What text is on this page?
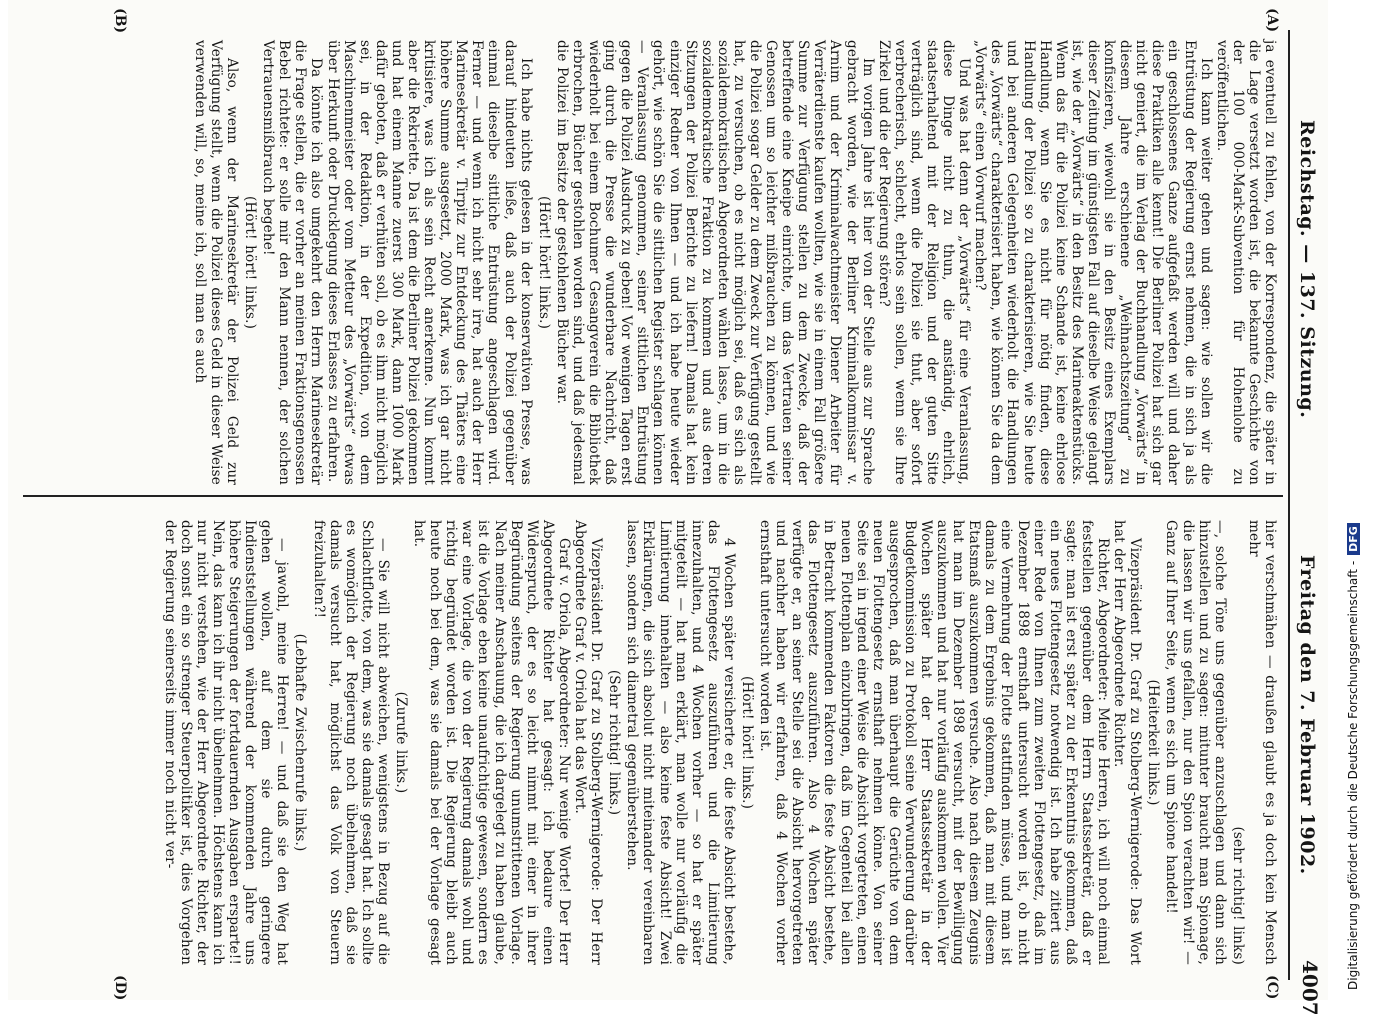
Reichstag. — 137. Sitzung.
Freitag den 7. Februar 1902.
4007
(A)
(B)
(C)
(D)

ja eventuell zu fehlen, von der Korrespondenz, die später in die Lage versetzt worden ist, die bekannte Geschichte von der 100 000-Mark-Subvention für Hohenlohe zu veröffentlichen.

Ich kann weiter gehen und sagen: wie sollen wir die Entrüstung der Regierung ernst nehmen, die in sich ja als ein geschlossenes Ganze aufgefaßt werden will und daher diese Praktiken alle kennt! Die Berliner Polizei hat sich gar nicht geniert, die im Verlag der Buchhandlung „Vorwärts“ in diesem Jahre erschienene „Weihnachtszeitung“ zu konfiszieren, wiewohl sie in den Besitz eines Exemplars dieser Zeitung im günstigsten Fall auf dieselbe Weise gelangt ist, wie der „Vorwärts“ in den Besitz des Marineaktenstücks. Wenn das für die Polizei keine Schande ist, keine ehrlose Handlung, wenn Sie es nicht für nötig finden, diese Handlung der Polizei so zu charakterisieren, wie Sie heute und bei anderen Gelegenheiten wiederholt die Handlungen des „Vorwärts“ charakterisiert haben, wie können Sie da dem „Vorwärts“ einen Vorwurf machen?

Und was hat denn der „Vorwärts“ für eine Veranlassung, diese Dinge nicht zu thun, die anständig, ehrlich, staatserhaltend mit der Religion und der guten Sitte verträglich sind, wenn die Polizei sie thut, aber sofort verbrecherisch, schlecht, ehrlos sein sollen, wenn sie Ihre Zirkel und die der Regierung stören?

Im vorigen Jahre ist hier von der Stelle aus zur Sprache gebracht worden, wie der Berliner Kriminalkommissar v. Arnim und der Kriminalwachtmeister Diener Arbeiter für Verräterdienste kaufen wollten, wie sie in einem Fall größere Summe zur Verfügung stellen zu dem Zwecke, daß der betreffende eine Kneipe einrichte, um das Vertrauen seiner Genossen um so leichter mißbrauchen zu können, und wie die Polizei sogar Gelder zu dem Zweck zur Verfügung gestellt hat, zu versuchen, ob es nicht möglich sei, daß es sich als sozialdemokratischen Abgeordneten wählen lasse, um in die sozialdemokratische Fraktion zu kommen und aus deren Sitzungen der Polizei Berichte zu liefern! Damals hat kein einziger Redner von Ihnen — und ich habe heute wieder gehört, wie schön Sie die sittlichen Register schlagen können — Veranlassung genommen, seiner sittlichen Entrüstung gegen die Polizei Ausdruck zu geben! Vor wenigen Tagen erst ging durch die Presse die wunderbare Nachricht, daß wiederholt bei einem Bochumer Gesangverein die Bibliothek erbrochen, Bücher gestohlen worden sind, und daß jedesmal die Polizei im Besitze der gestohlenen Bücher war.

(Hört! hört! links.)

Ich habe nichts gelesen in der konservativen Presse, was darauf hindeuten ließe, daß auch der Polizei gegenüber einmal dieselbe sittliche Entrüstung angeschlagen wird. Ferner — und wenn ich nicht sehr irre, hat auch der Herr Marinesekretär v. Tirpitz zur Entdeckung des Thäters eine höhere Summe ausgesetzt, 2000 Mark, was ich gar nicht kritisiere, was ich als sein Recht anerkenne. Nun kommt aber die Rekriette. Da ist dem die Berliner Polizei gekommen und hat einem Manne zuerst 300 Mark, dann 1000 Mark dafür geboten, daß er verhüten soll, ob es ihm nicht möglich sei, in der Redaktion, in der Expedition, von dem Maschinenmeister oder vom Metteur des „Vorwärts“ etwas über Herkunft oder Drucklegung dieses Erlasses zu erfahren.

Da könnte ich also umgekehrt den Herrn Marinesekretär die Frage stellen, die er vorher an meinen Fraktionsgenossen Bebel richtete: er solle mir den Mann nennen, der solchen Vertrauensmißbrauch begehe!

(Hört! hört! links.)

Also, wenn der Marinesekretär der Polizei Geld zur Verfügung stellt, wenn die Polizei dieses Geld in dieser Weise verwenden will, so, meine ich, soll man es auch

hier verschmähen — draußen glaubt es ja doch kein Mensch mehr

(sehr richtig! links)

—, solche Töne uns gegenüber anzuschlagen und dann sich hinzustellen und zu sagen: mitunter braucht man Spionage, die lassen wir uns gefallen, nur den Spion verachten wir! — Ganz auf Ihrer Seite, wenn es sich um Spione handelt!

(Heiterkeit links.)

Vizepräsident Dr. Graf zu Stolberg-Wernigerode: Das Wort hat der Herr Abgeordnete Richter.

Richter, Abgeordneter: Meine Herren, ich will noch einmal feststellen gegenüber dem Herrn Staatssekretär, daß er sagte: man ist erst später zu der Erkenntnis gekommen, daß ein neues Flottengesetz notwendig ist. Ich habe zitiert aus einer Rede von Ihnen zum zweiten Flottengesetz, daß im Dezember 1898 ernsthaft untersucht worden ist, ob nicht eine Vermehrung der Flotte stattfinden müsse, und man ist damals zu dem Ergebnis gekommen, daß man mit diesem Etatsmaß auszukommen versuche. Also nach diesem Zeugnis hat man im Dezember 1898 versucht, mit der Bewilligung auszukommen und hat nur vorläufig auskommen wollen. Vier Wochen später hat der Herr Staatssekretär in der Budgetkommission zu Protokoll seine Verwunderung darüber ausgesprochen, daß man überhaupt die Gerüchte von dem neuen Flottengesetz ernsthaft nehmen könne. Von seiner Seite sei in irgend einer Weise die Absicht vorgetreten, einen neuen Flottenplan einzubringen, daß im Gegenteil bei allen in Betracht kommenden Faktoren die feste Absicht bestehe, das Flottengesetz auszuführen. Also 4 Wochen später verfügte er, an seiner Stelle sei die Absicht hervorgetreten und nachher haben wir erfahren, daß 4 Wochen vorher ernsthaft untersucht worden ist.

(Hört! hört! links.)

4 Wochen später versicherte er, die feste Absicht bestehe, das Flottengesetz auszuführen und die Limitierung innezuhalten, und 4 Wochen vorher — so hat er später mitgeteilt — hat man erklärt, man wolle nur vorläufig die Limitierung innehalten — also keine feste Absicht! Zwei Erklärungen, die sich absolut nicht miteinander vereinbaren lassen, sondern sich diametral gegenüberstehen.

(Sehr richtig! links.)

Vizepräsident Dr. Graf zu Stolberg-Wernigerode: Der Herr Abgeordnete Graf v. Oriola hat das Wort.

Graf v. Oriola, Abgeordneter: Nur wenige Worte! Der Herr Abgeordnete Richter hat gesagt: ich bedaure einen Widerspruch, der es so leicht nimmt mit einer in ihrer Begründung seitens der Regierung unumstrittenen Vorlage. Nach meiner Anschauung, die ich dargelegt zu haben glaube, ist die Vorlage eben keine unaufrichtige gewesen, sondern es war eine Vorlage, die von der Regierung damals wohl und richtig begründet worden ist. Die Regierung bleibt auch heute noch bei dem, was sie damals bei der Vorlage gesagt hat.

(Zurufe links.)

— Sie will nicht abweichen, wenigstens in Bezug auf die Schlachtflotte, von dem, was sie damals gesagt hat. Ich sollte es womöglich der Regierung noch übelnehmen, daß sie damals versucht hat, möglichst das Volk von Steuern freizuhalten?!

(Lebhafte Zwischenrufe links.)

— jawohl, meine Herren! — und daß sie den Weg hat gehen wollen, auf dem sie durch geringere Indienststellungen während der kommenden Jahre uns höhere Steigerungen der fortdauernden Ausgaben ersparte!! Nein, das kann ich ihr nicht übelnehmen. Höchstens kann ich nur nicht verstehen, wie der Herr Abgeordnete Richter, der doch sonst ein so strenger Steuerpolitiker ist, dies Vorgehen der Regierung seinerseits immer noch nicht ver-	Digitalisierung gefördert durch die Deutsche Forschungsgemeinschaft -DFG
